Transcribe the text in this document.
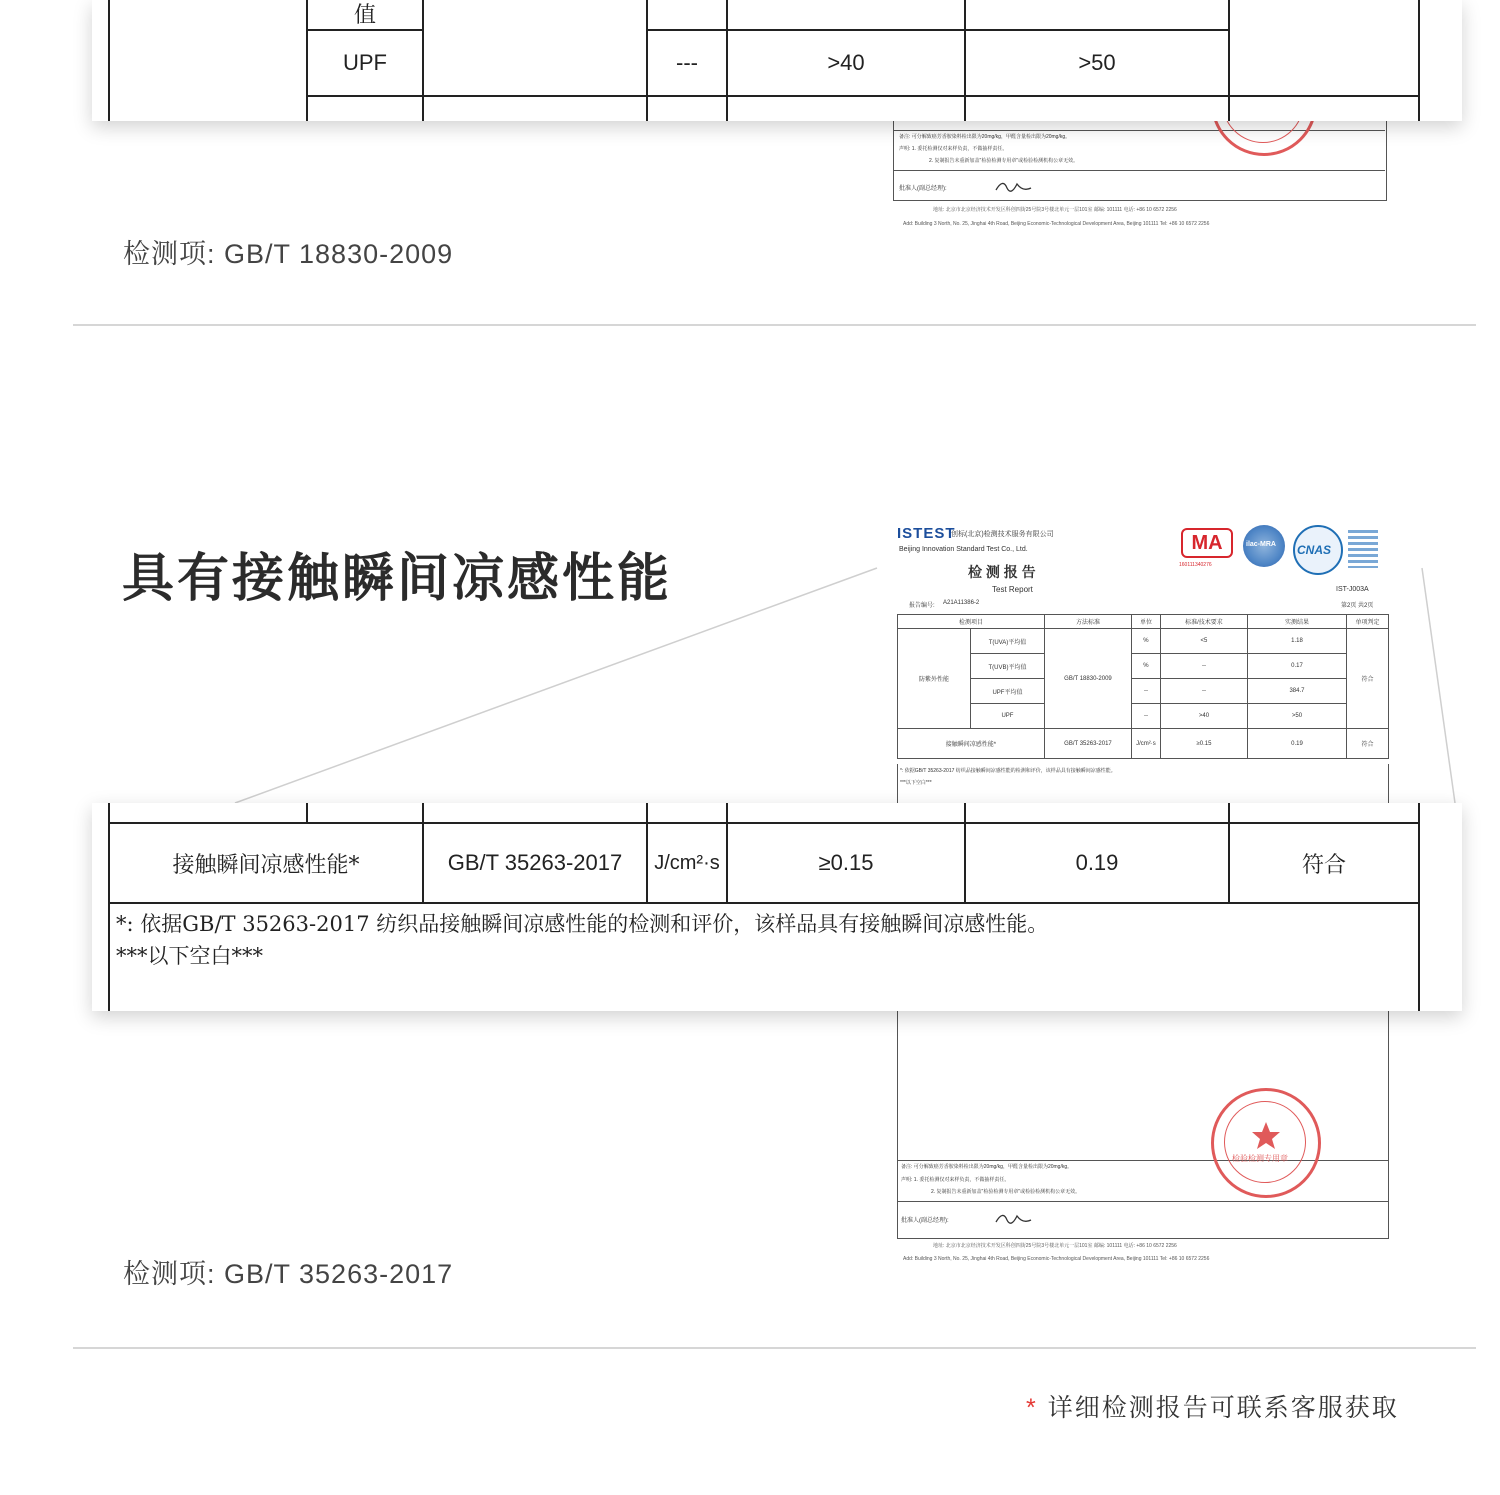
备注: 可分解致癌芳香胺染料检出限为20mg/kg，甲醛含量检出限为20mg/kg。
声明: 1. 委托检测仅对来样负责，不做抽样责任。
2. 复制报告未重新加盖"检验检测专用章"或检验检测机构公章无效。
批准人(副总经理):
地址: 北京市北京经济技术开发区科创四街25号院3号楼北单元一层101室 邮编: 101111 电话: +86 10 6572 2256
Add: Building 3 North, No. 25, Jinghai 4th Road, Beijing Economic-Technological Development Area, Beijing 101111 Tel: +86 10 6572 2256
	值					
	UPF		---	>40	>50	

检测项: GB/T 18830-2009
具有接触瞬间凉感性能
ISTEST
创标(北京)检测技术服务有限公司
Beijing Innovation Standard Test Co., Ltd.
检 测 报 告
Test Report
报告编号: A21A11386-2
IST-J003A
第2页 共2页
MA
160111340276
ilac-MRA CNAS
检测项目		方法标准	单位	标准/技术要求	实测结果	单项判定
防紫外性能	T(UVA)平均值	GB/T 18830-2009	%	<5	1.18	符合
	T(UVB)平均值		%	--	0.17	
	UPF平均值		--	--	384.7	
	UPF		--	>40	>50	
接触瞬间凉感性能*		GB/T 35263-2017	J/cm²·s	≥0.15	0.19	符合
*: 依据GB/T 35263-2017 纺织品接触瞬间凉感性能的检测和评价，该样品具有接触瞬间凉感性能。
***以下空白***
备注: 可分解致癌芳香胺染料检出限为20mg/kg，甲醛含量检出限为20mg/kg。
声明: 1. 委托检测仅对来样负责，不做抽样责任。
2. 复制报告未重新加盖"检验检测专用章"或检验检测机构公章无效。
批准人(副总经理):
地址: 北京市北京经济技术开发区科创四街25号院3号楼北单元一层101室 邮编: 101111 电话: +86 10 6572 2256
Add: Building 3 North, No. 25, Jinghai 4th Road, Beijing Economic-Technological Development Area, Beijing 101111 Tel: +86 10 6572 2256
检验检测专用章

接触瞬间凉感性能*		GB/T 35263-2017	J/cm²·s	≥0.15	0.19	符合

*: 依据GB/T 35263-2017 纺织品接触瞬间凉感性能的检测和评价，该样品具有接触瞬间凉感性能。
***以下空白***						
检测项: GB/T 35263-2017
* 详细检测报告可联系客服获取
